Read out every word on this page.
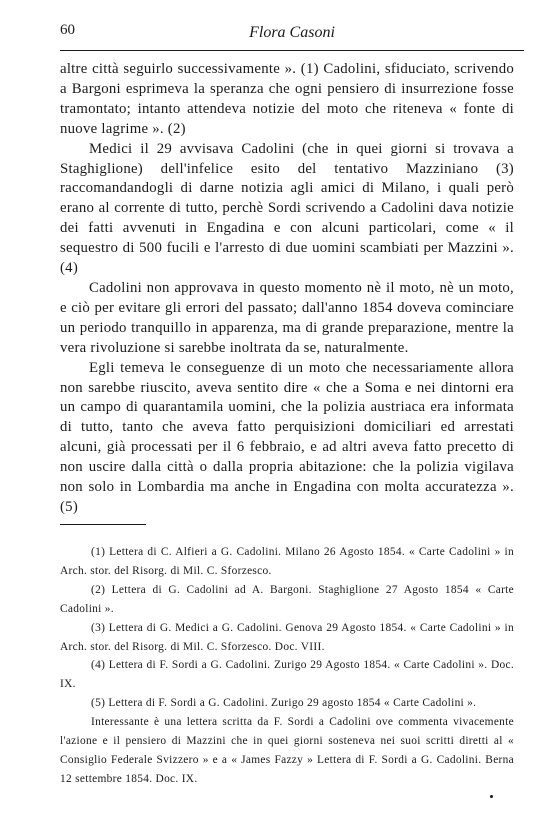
60	Flora Casoni

altre città seguirlo successivamente ». (1) Cadolini, sfiduciato, scrivendo a Bargoni esprimeva la speranza che ogni pensiero di insurrezione fosse tramontato; intanto attendeva notizie del moto che riteneva « fonte di nuove lagrime ». (2)

Medici il 29 avvisava Cadolini (che in quei giorni si trovava a Staghiglione) dell'infelice esito del tentativo Mazziniano (3) raccomandandogli di darne notizia agli amici di Milano, i quali però erano al corrente di tutto, perchè Sordi scrivendo a Cadolini dava notizie dei fatti avvenuti in Engadina e con alcuni particolari, come « il sequestro di 500 fucili e l'arresto di due uomini scambiati per Mazzini ». (4)

Cadolini non approvava in questo momento nè il moto, nè un moto, e ciò per evitare gli errori del passato; dall'anno 1854 doveva cominciare un periodo tranquillo in apparenza, ma di grande preparazione, mentre la vera rivoluzione si sarebbe inoltrata da se, naturalmente.

Egli temeva le conseguenze di un moto che necessariamente allora non sarebbe riuscito, aveva sentito dire « che a Soma e nei dintorni era un campo di quarantamila uomini, che la polizia austriaca era informata di tutto, tanto che aveva fatto perquisizioni domiciliari ed arrestati alcuni, già processati per il 6 febbraio, e ad altri aveva fatto precetto di non uscire dalla città o dalla propria abitazione: che la polizia vigilava non solo in Lombardia ma anche in Engadina con molta accuratezza ». (5)

(1) Lettera di C. Alfieri a G. Cadolini. Milano 26 Agosto 1854. « Carte Cadolini » in Arch. stor. del Risorg. di Mil. C. Sforzesco.

(2) Lettera di G. Cadolini ad A. Bargoni. Staghiglione 27 Agosto 1854 « Carte Cadolini ».

(3) Lettera di G. Medici a G. Cadolini. Genova 29 Agosto 1854. « Carte Cadolini » in Arch. stor. del Risorg. di Mil. C. Sforzesco. Doc. VIII.

(4) Lettera di F. Sordi a G. Cadolini. Zurigo 29 Agosto 1854. « Carte Cadolini ». Doc. IX.

(5) Lettera di F. Sordi a G. Cadolini. Zurigo 29 agosto 1854 « Carte Cadolini ».

Interessante è una lettera scritta da F. Sordi a Cadolini ove commenta vivacemente l'azione e il pensiero di Mazzini che in quei giorni sosteneva nei suoi scritti diretti al « Consiglio Federale Svizzero » e a « James Fazzy » Lettera di F. Sordi a G. Cadolini. Berna 12 settembre 1854. Doc. IX.
